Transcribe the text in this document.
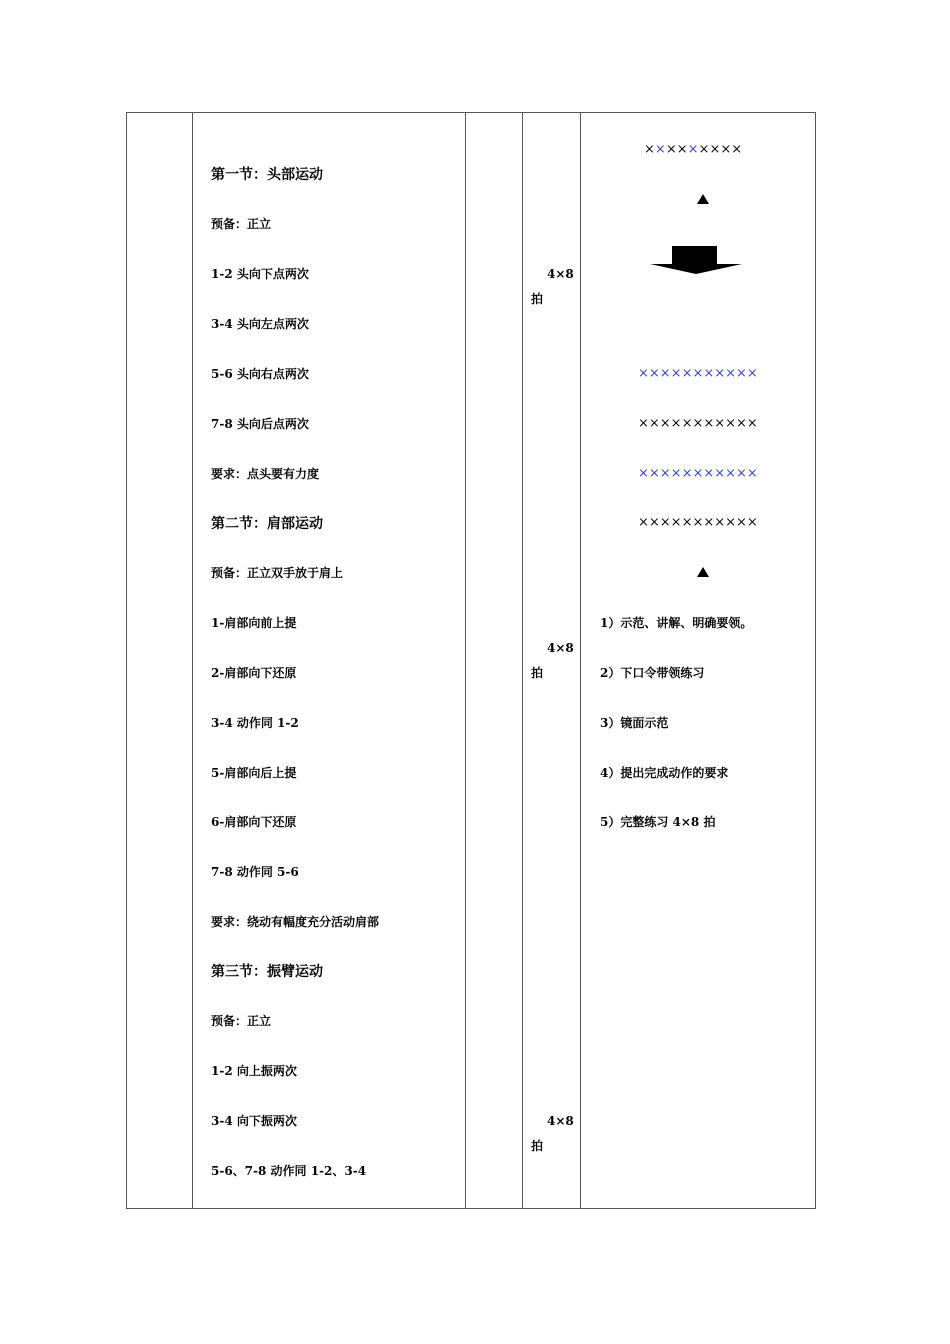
第一节：头部运动
预备：正立
1-2 头向下点两次
3-4 头向左点两次
5-6 头向右点两次
7-8 头向后点两次
要求：点头要有力度
第二节：肩部运动
预备：正立双手放于肩上
1-肩部向前上提
2-肩部向下还原
3-4 动作同 1-2
5-肩部向后上提
6-肩部向下还原
7-8 动作同 5-6
要求：绕动有幅度充分活动肩部
第三节：振臂运动
预备：正立
1-2 向上振两次
3-4 向下振两次
5-6、7-8 动作同 1-2、3-4
4×8
拍
4×8
拍
4×8
拍
×××××××××
×××××××××××
×××××××××××
×××××××××××
×××××××××××
1）示范、讲解、明确要领。
2）下口令带领练习
3）镜面示范
4）提出完成动作的要求
5）完整练习 4×8 拍
